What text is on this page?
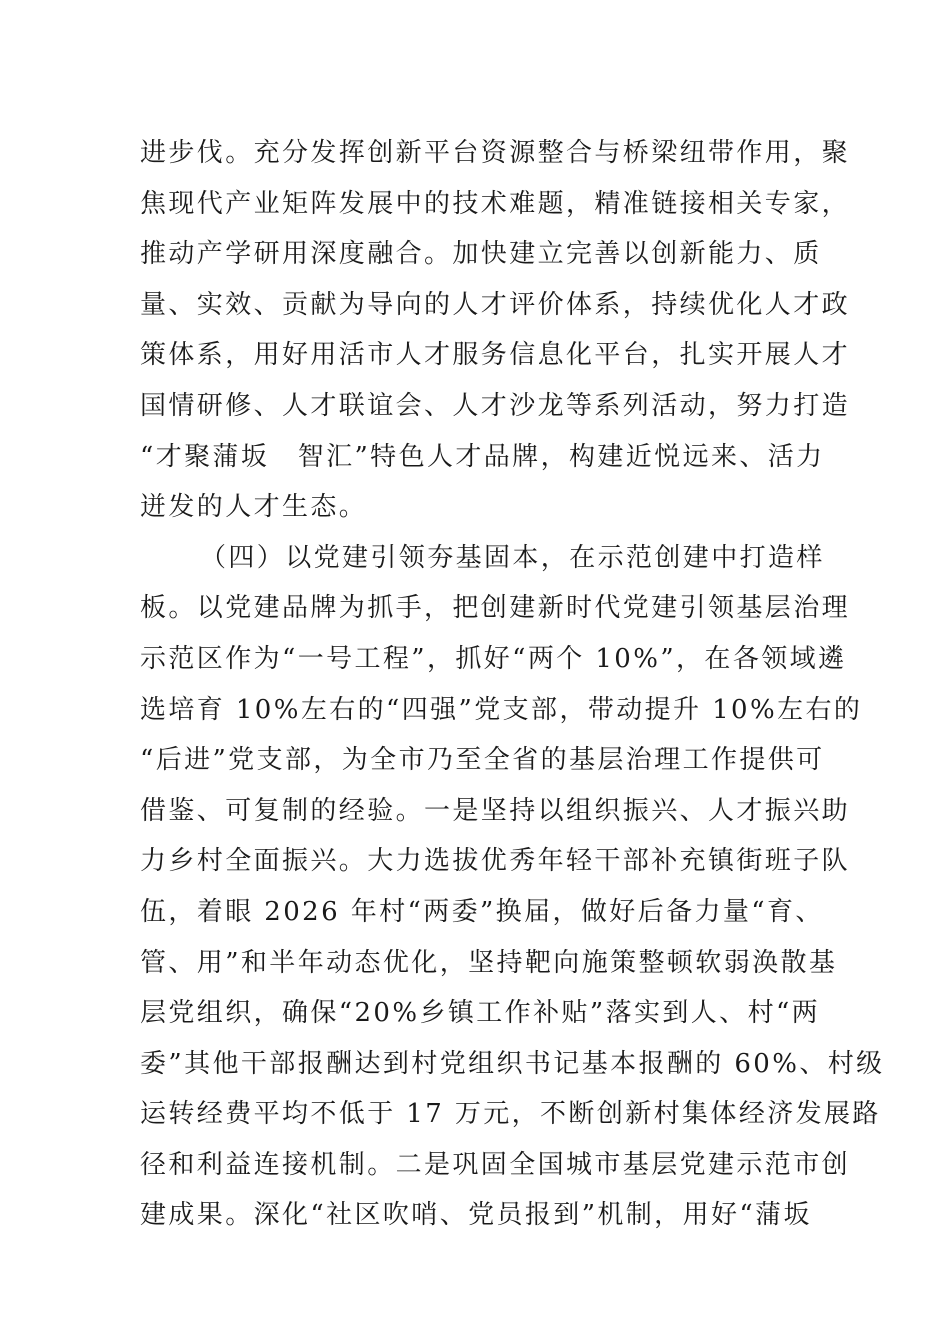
进步伐。充分发挥创新平台资源整合与桥梁纽带作用，聚
焦现代产业矩阵发展中的技术难题，精准链接相关专家，
推动产学研用深度融合。加快建立完善以创新能力、质
量、实效、贡献为导向的人才评价体系，持续优化人才政
策体系，用好用活市人才服务信息化平台，扎实开展人才
国情研修、人才联谊会、人才沙龙等系列活动，努力打造
“才聚蒲坂　智汇”特色人才品牌，构建近悦远来、活力
迸发的人才生态。
（四）以党建引领夯基固本，在示范创建中打造样
板。以党建品牌为抓手，把创建新时代党建引领基层治理
示范区作为“一号工程”，抓好“两个 10%”，在各领域遴
选培育 10%左右的“四强”党支部，带动提升 10%左右的
“后进”党支部，为全市乃至全省的基层治理工作提供可
借鉴、可复制的经验。一是坚持以组织振兴、人才振兴助
力乡村全面振兴。大力选拔优秀年轻干部补充镇街班子队
伍，着眼 2026 年村“两委”换届，做好后备力量“育、
管、用”和半年动态优化，坚持靶向施策整顿软弱涣散基
层党组织，确保“20%乡镇工作补贴”落实到人、村“两
委”其他干部报酬达到村党组织书记基本报酬的 60%、村级
运转经费平均不低于 17 万元，不断创新村集体经济发展路
径和利益连接机制。二是巩固全国城市基层党建示范市创
建成果。深化“社区吹哨、党员报到”机制，用好“蒲坂
